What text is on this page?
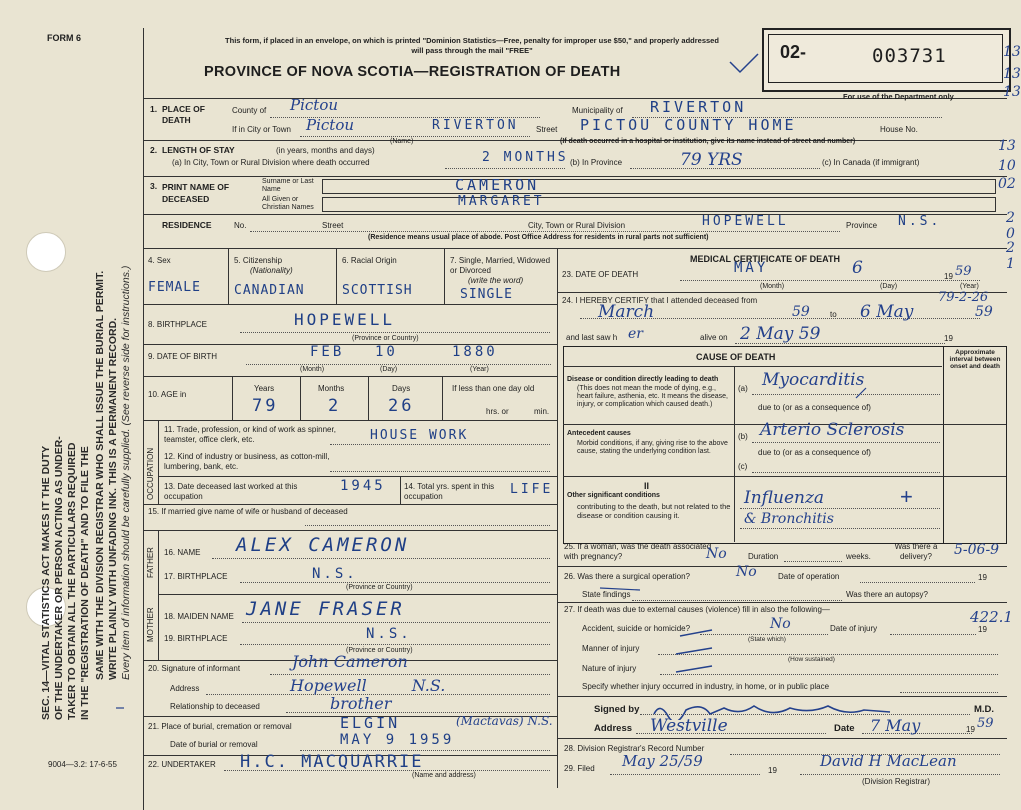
SEC. 14—VITAL STATISTICS ACT MAKES IT THE DUTY OF THE UNDERTAKER OR PERSON ACTING AS UNDER- TAKER TO OBTAIN ALL THE PARTICULARS REQUIRED IN THE "REGISTRATION OF DEATH" AND TO FILE THE SAME WITH THE DIVISION REGISTRAR WHO SHALL ISSUE THE BURIAL PERMIT. WRITE PLAINLY WITH UNFADING INK. THIS IS A PERMANENT RECORD. Every item of information should be carefully supplied. (See reverse side for instructions.)
FORM 6	This form, if placed in an envelope, on which is printed "Dominion Statistics—Free, penalty for improper use $50," and properly addressed will pass through the mail "FREE"
PROVINCE OF NOVA SCOTIA—REGISTRATION OF DEATH
02-	003731
For use of the Department only
9004—3.2: 17-6-55
13
13
13
13
10
02
2
0
2
1
1. PLACE OF DEATH
County of Pictou	Municipality of RIVERTON
If in City or Town Pictou	RIVERTON
(Name)
Street PICTOU COUNTY HOME	House No.
(If death occurred in a hospital or institution, give its name instead of street and number)
2. LENGTH OF STAY	(in years, months and days)
(a) In City, Town or Rural Division where death occurred	2 MONTHS (b) In Province	79 YRS	(c) In Canada (if immigrant)
3. PRINT NAME OF DECEASED
Surname or Last Name	CAMERON
All Given or Christian Names	MARGARET
RESIDENCE	No.	Street	City, Town or Rural Division	HOPEWELL	Province N.S.
(Residence means usual place of abode. Post Office Address for residents in rural parts not sufficient)
4. Sex
FEMALE
5. Citizenship
(Nationality)
CANADIAN
6. Racial Origin
SCOTTISH
7. Single, Married, Widowed or Divorced
(write the word)
SINGLE
8. BIRTHPLACE	HOPEWELL
(Province or Country)
9. DATE OF BIRTH	FEB 10	1880
(Month)	(Day)	(Year)
10. AGE in
Years	Months	Days	If less than one day old
79	2	26	hrs. or	min.
OCCUPATION
11. Trade, profession, or kind of work as spinner, teamster, office clerk, etc.	HOUSE WORK
12. Kind of industry or business, as cotton-mill, lumbering, bank, etc.
13. Date deceased last worked at this occupation
1945 14. Total yrs. spent in this occupation	LIFE
15. If married give name of wife or husband of deceased
FATHER
MOTHER
16. NAME ALEX CAMERON
17. BIRTHPLACE	N.S.
(Province or Country)
18. MAIDEN NAME JANE FRASER
19. BIRTHPLACE	N.S.
(Province or Country)
20. Signature of informant	John Cameron
Address	Hopewell N.S.
Relationship to deceased	brother
21. Place of burial, cremation or removal	ELGIN	(Mactavas) N.S.
Date of burial or removal	MAY 9 1959
22. UNDERTAKER H.C. MACQUARRIE
(Name and address)
MEDICAL CERTIFICATE OF DEATH
23. DATE OF DEATH	MAY	6	19 59
(Month)	(Day)	(Year)
24. I HEREBY CERTIFY that I attended deceased from	79-2-26
March	59	to 6 May	59
and last saw h er	alive on 2 May 59	19
CAUSE OF DEATH	Approximate interval between onset and death
Disease or condition directly leading to death
(This does not mean the mode of dying, e.g., heart failure, asthenia, etc. It means the disease, injury, or complication which caused death.)
(a) Myocarditis
due to (or as a consequence of)
Antecedent causes
Morbid conditions, if any, giving rise to the above cause, stating the underlying condition last.
(b) Arterio Sclerosis
due to (or as a consequence of)
(c)
II
Other significant conditions
contributing to the death, but not related to the disease or condition causing it.
Influenza
& Bronchitis
+
25. If a woman, was the death associated with pregnancy?	No	Duration	weeks.
Was there a delivery?	5-06-9
26. Was there a surgical operation?	No	Date of operation	19
State findings	Was there an autopsy?
27. If death was due to external causes (violence) fill in also the following—	422.1
Accident, suicide or homicide?	No
(State which)
Date of injury	19
Manner of injury
(How sustained)
Nature of injury
Specify whether injury occurred in industry, in home, or in public place
Signed by	M.D.
Address Westville	Date 7 May	19 59
28. Division Registrar's Record Number
29. Filed May 25/59
19
David H MacLean
(Division Registrar)
